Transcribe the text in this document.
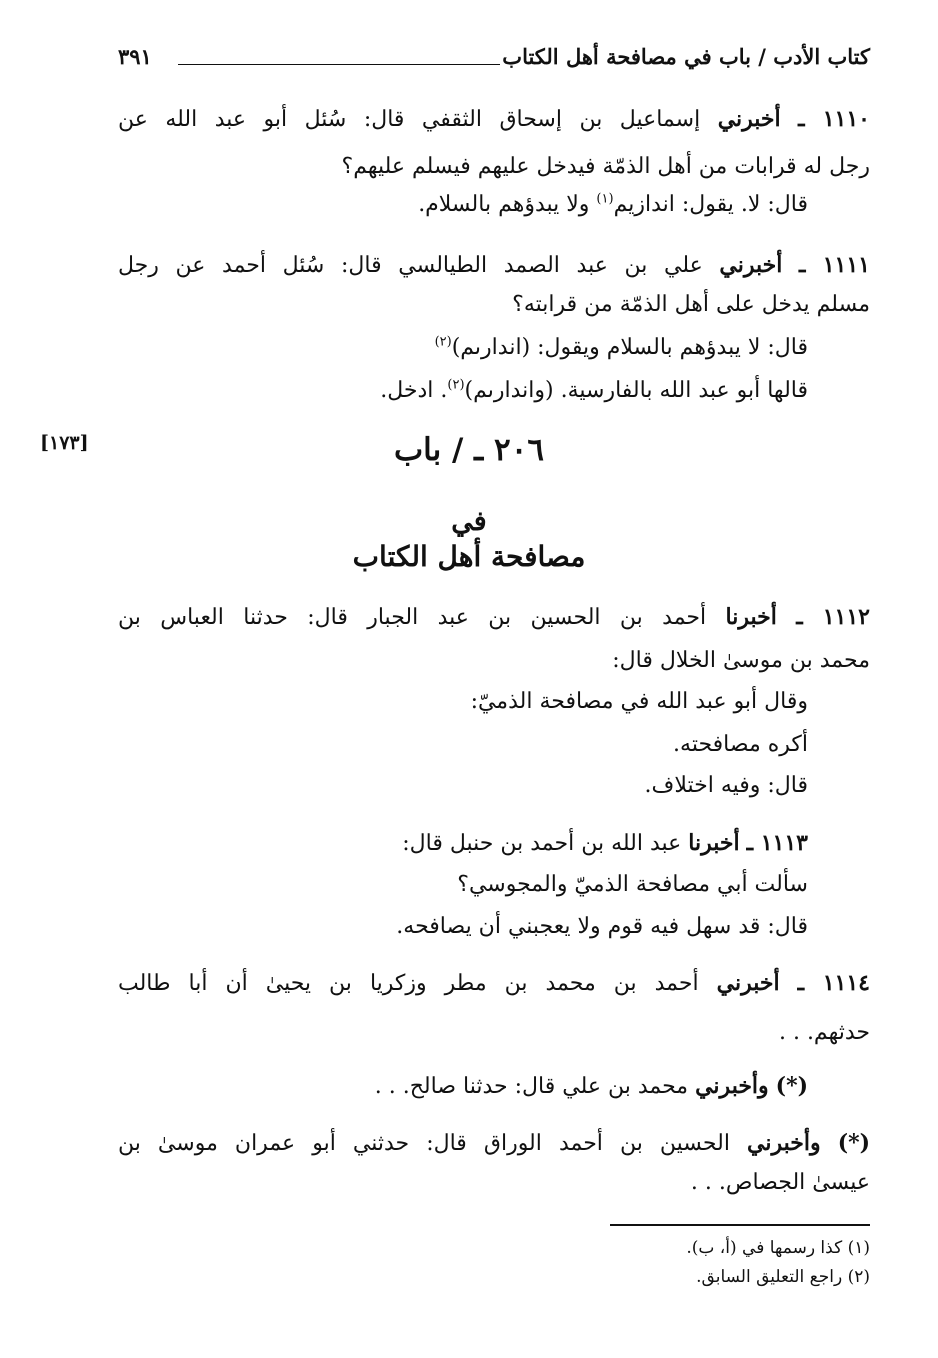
كتاب الأدب / باب في مصافحة أهل الكتاب
٣٩١
١١١٠ ـ أخبرني إسماعيل بن إسحاق الثقفي قال: سُئل أبو عبد الله عن
رجل له قرابات من أهل الذمّة فيدخل عليهم فيسلم عليهم؟
قال: لا. يقول: اندازيم$^{(١)}$ ولا يبدؤهم بالسلام.
١١١١ ـ أخبرني علي بن عبد الصمد الطيالسي قال: سُئل أحمد عن رجل
مسلم يدخل على أهل الذمّة من قرابته؟
قال: لا يبدؤهم بالسلام ويقول: (اندارىم)$^{(٢)}$
قالها أبو عبد الله بالفارسية. (واندارىم)$^{(٢)}$. ادخل.
[١٧٣]	٢٠٦ ـ / باب
في
مصافحة أهل الكتاب
١١١٢ ـ أخبرنا أحمد بن الحسين بن عبد الجبار قال: حدثنا العباس بن
محمد بن موسىٰ الخلال قال:
وقال أبو عبد الله في مصافحة الذميّ:
أكره مصافحته.
قال: وفيه اختلاف.
١١١٣ ـ أخبرنا عبد الله بن أحمد بن حنبل قال:
سألت أبي مصافحة الذميّ والمجوسي؟
قال: قد سهل فيه قوم ولا يعجبني أن يصافحه.
١١١٤ ـ أخبرني أحمد بن محمد بن مطر وزكريا بن يحيىٰ أن أبا طالب
حدثهم. . .
(*) وأخبرني محمد بن علي قال: حدثنا صالح. . .
(*) وأخبرني الحسين بن أحمد الوراق قال: حدثني أبو عمران موسىٰ بن
عيسىٰ الجصاص. . .
(١) كذا رسمها في (أ، ب).
(٢) راجع التعليق السابق.
